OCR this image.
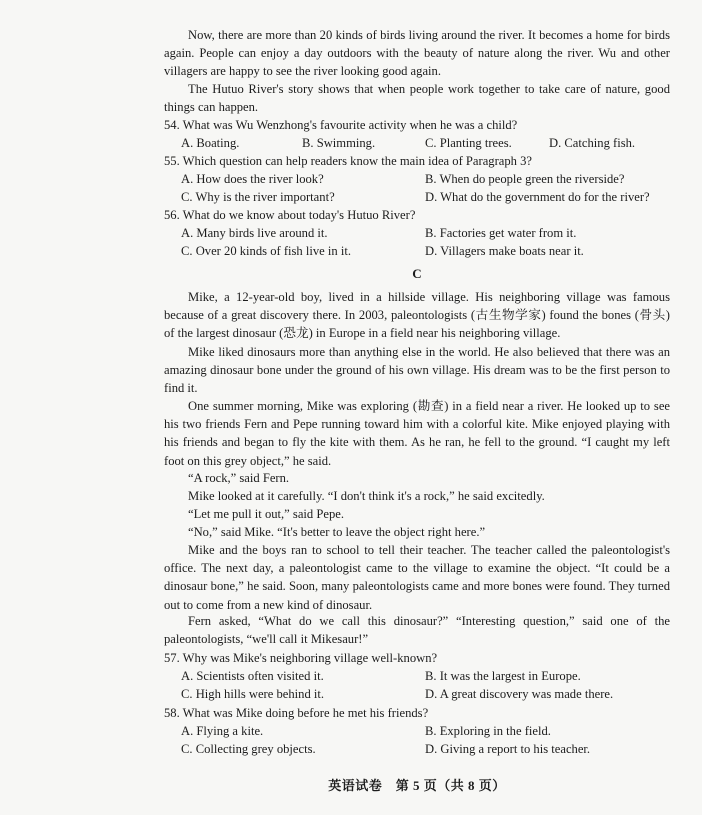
Now, there are more than 20 kinds of birds living around the river. It becomes a home for birds again. People can enjoy a day outdoors with the beauty of nature along the river. Wu and other villagers are happy to see the river looking good again.
The Hutuo River's story shows that when people work together to take care of nature, good things can happen.
54. What was Wu Wenzhong's favourite activity when he was a child?
A. Boating.	B. Swimming.	C. Planting trees.	D. Catching fish.
55. Which question can help readers know the main idea of Paragraph 3?
A. How does the river look?	B. When do people green the riverside?
C. Why is the river important?	D. What do the government do for the river?
56. What do we know about today's Hutuo River?
A. Many birds live around it.	B. Factories get water from it.
C. Over 20 kinds of fish live in it.	D. Villagers make boats near it.
C
Mike, a 12-year-old boy, lived in a hillside village. His neighboring village was famous because of a great discovery there. In 2003, paleontologists (古生物学家) found the bones (骨头) of the largest dinosaur (恐龙) in Europe in a field near his neighboring village.
Mike liked dinosaurs more than anything else in the world. He also believed that there was an amazing dinosaur bone under the ground of his own village. His dream was to be the first person to find it.
One summer morning, Mike was exploring (勘查) in a field near a river. He looked up to see his two friends Fern and Pepe running toward him with a colorful kite. Mike enjoyed playing with his friends and began to fly the kite with them. As he ran, he fell to the ground. “I caught my left foot on this grey object,” he said.
“A rock,” said Fern.
Mike looked at it carefully. “I don't think it's a rock,” he said excitedly.
“Let me pull it out,” said Pepe.
“No,” said Mike. “It's better to leave the object right here.”
Mike and the boys ran to school to tell their teacher. The teacher called the paleontologist's office. The next day, a paleontologist came to the village to examine the object. “It could be a dinosaur bone,” he said. Soon, many paleontologists came and more bones were found. They turned out to come from a new kind of dinosaur.
Fern asked, “What do we call this dinosaur?” “Interesting question,” said one of the paleontologists, “we'll call it Mikesaur!”
57. Why was Mike's neighboring village well-known?
A. Scientists often visited it.	B. It was the largest in Europe.
C. High hills were behind it.	D. A great discovery was made there.
58. What was Mike doing before he met his friends?
A. Flying a kite.	B. Exploring in the field.
C. Collecting grey objects.	D. Giving a report to his teacher.
英语试卷　第 5 页（共 8 页）
